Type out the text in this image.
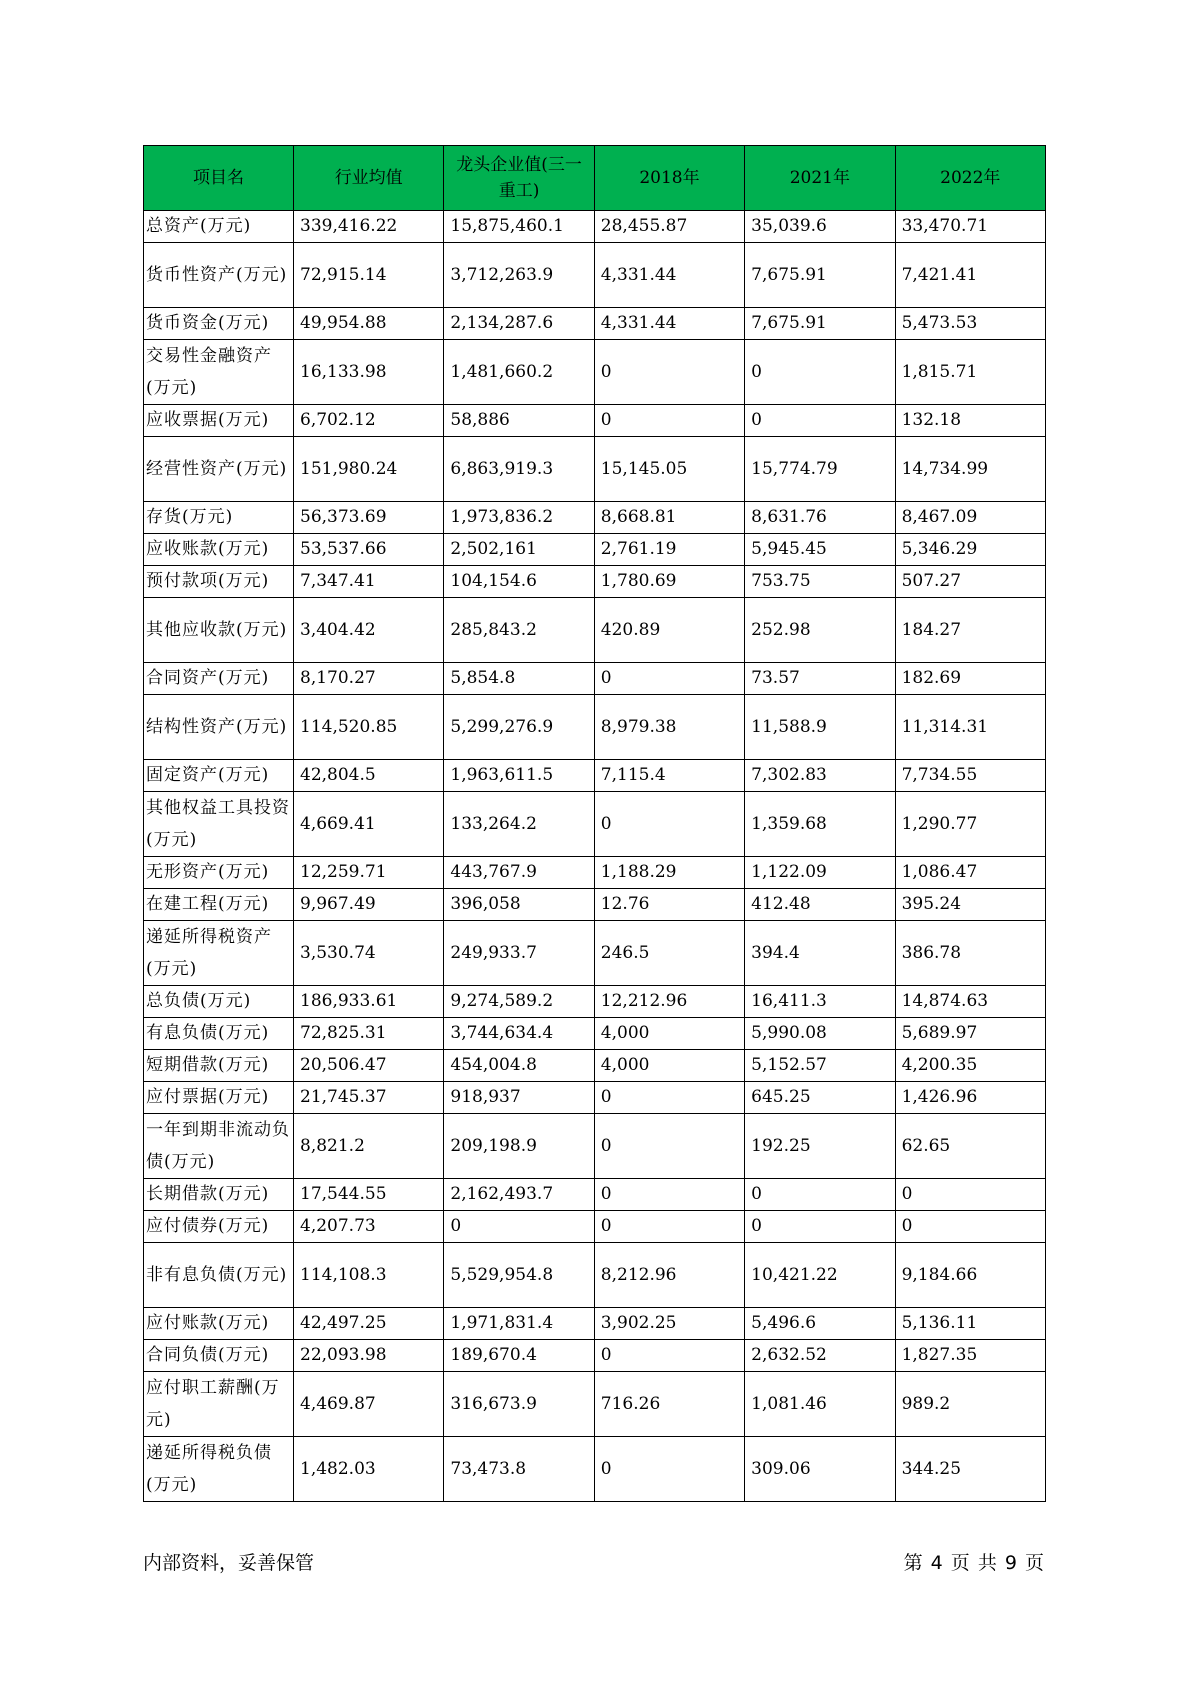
项目名	行业均值	龙头企业值(三一重工)	2018年	2021年	2022年
总资产(万元)	339,416.22	15,875,460.1	28,455.87	35,039.6	33,470.71
货币性资产(万元)	72,915.14	3,712,263.9	4,331.44	7,675.91	7,421.41
货币资金(万元)	49,954.88	2,134,287.6	4,331.44	7,675.91	5,473.53
交易性金融资产(万元)	16,133.98	1,481,660.2	0	0	1,815.71
应收票据(万元)	6,702.12	58,886	0	0	132.18
经营性资产(万元)	151,980.24	6,863,919.3	15,145.05	15,774.79	14,734.99
存货(万元)	56,373.69	1,973,836.2	8,668.81	8,631.76	8,467.09
应收账款(万元)	53,537.66	2,502,161	2,761.19	5,945.45	5,346.29
预付款项(万元)	7,347.41	104,154.6	1,780.69	753.75	507.27
其他应收款(万元)	3,404.42	285,843.2	420.89	252.98	184.27
合同资产(万元)	8,170.27	5,854.8	0	73.57	182.69
结构性资产(万元)	114,520.85	5,299,276.9	8,979.38	11,588.9	11,314.31
固定资产(万元)	42,804.5	1,963,611.5	7,115.4	7,302.83	7,734.55
其他权益工具投资(万元)	4,669.41	133,264.2	0	1,359.68	1,290.77
无形资产(万元)	12,259.71	443,767.9	1,188.29	1,122.09	1,086.47
在建工程(万元)	9,967.49	396,058	12.76	412.48	395.24
递延所得税资产(万元)	3,530.74	249,933.7	246.5	394.4	386.78
总负债(万元)	186,933.61	9,274,589.2	12,212.96	16,411.3	14,874.63
有息负债(万元)	72,825.31	3,744,634.4	4,000	5,990.08	5,689.97
短期借款(万元)	20,506.47	454,004.8	4,000	5,152.57	4,200.35
应付票据(万元)	21,745.37	918,937	0	645.25	1,426.96
一年到期非流动负债(万元)	8,821.2	209,198.9	0	192.25	62.65
长期借款(万元)	17,544.55	2,162,493.7	0	0	0
应付债券(万元)	4,207.73	0	0	0	0
非有息负债(万元)	114,108.3	5,529,954.8	8,212.96	10,421.22	9,184.66
应付账款(万元)	42,497.25	1,971,831.4	3,902.25	5,496.6	5,136.11
合同负债(万元)	22,093.98	189,670.4	0	2,632.52	1,827.35
应付职工薪酬(万元)	4,469.87	316,673.9	716.26	1,081.46	989.2
递延所得税负债(万元)	1,482.03	73,473.8	0	309.06	344.25
内部资料，妥善保管	第 4 页 共 9 页
